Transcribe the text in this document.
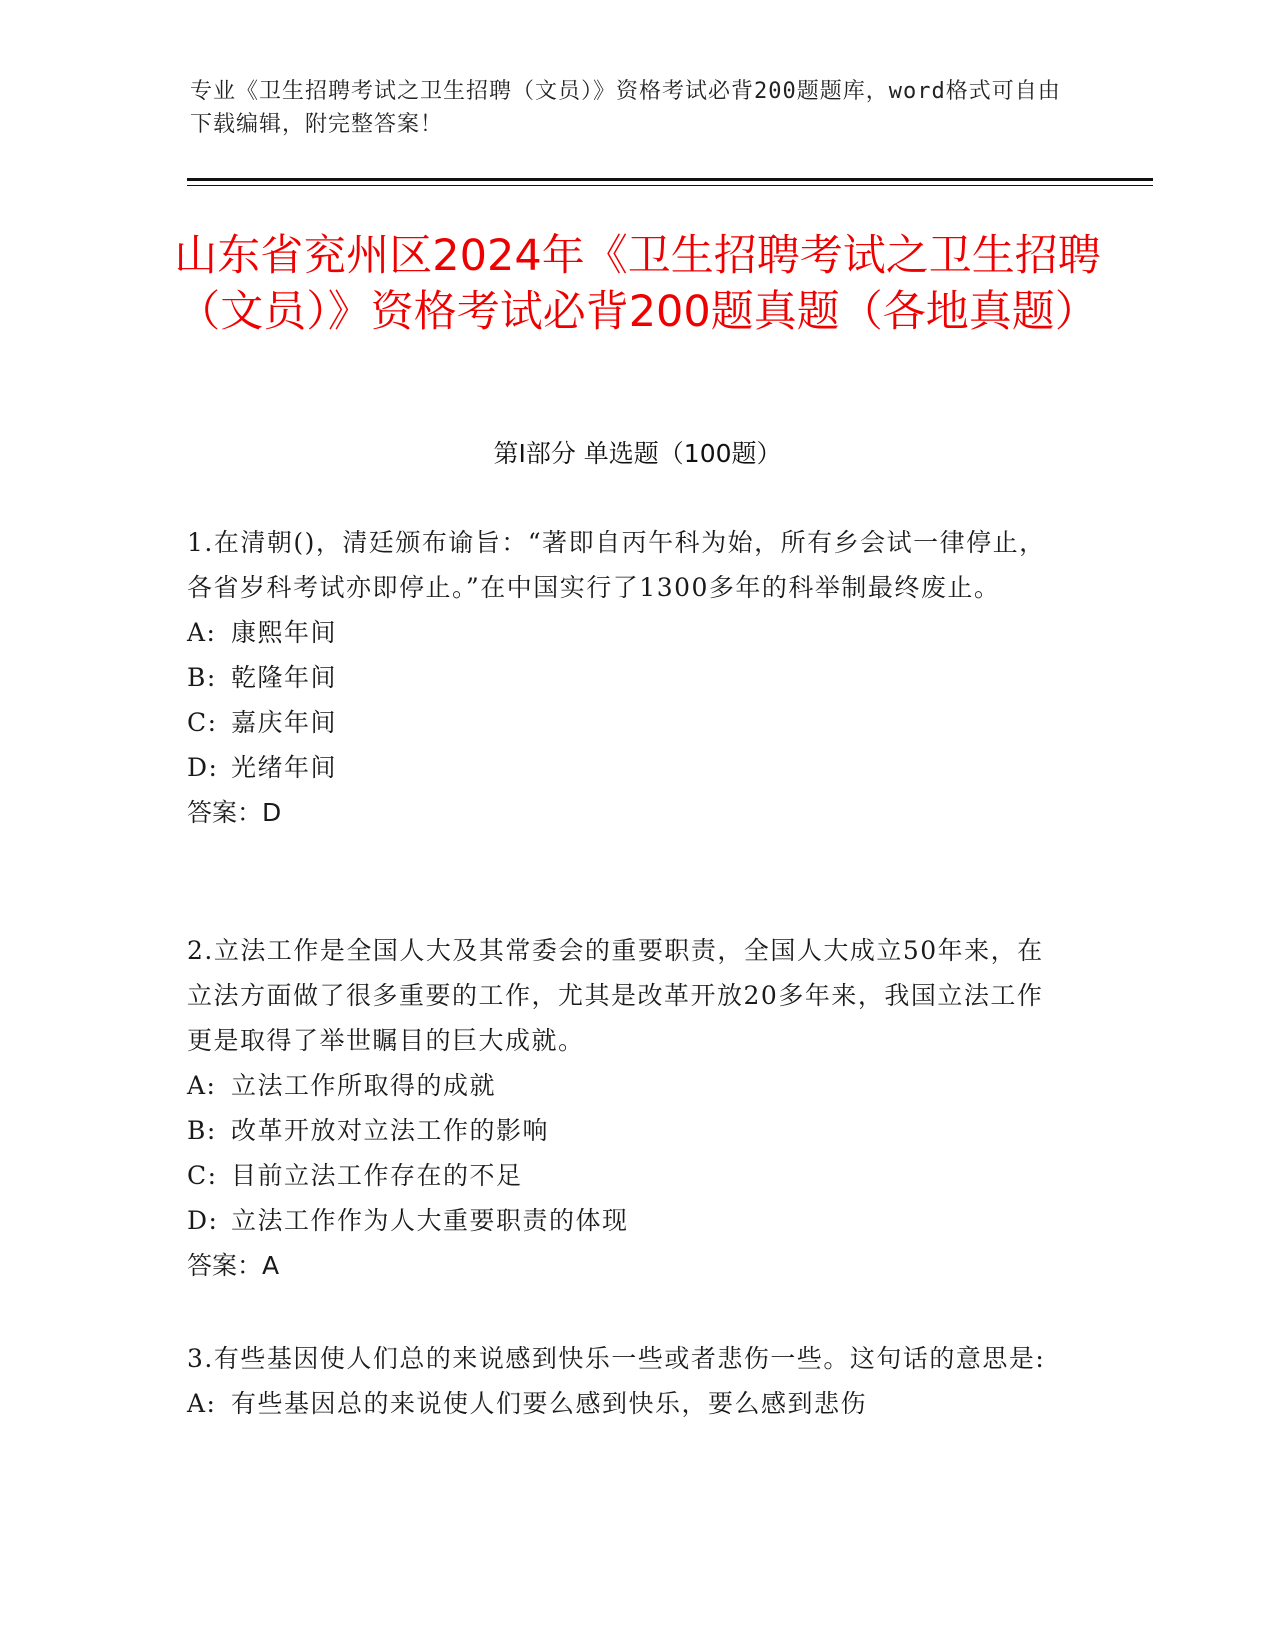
专业《卫生招聘考试之卫生招聘（文员）》资格考试必背200题题库，word格式可自由下载编辑，附完整答案！
山东省兖州区2024年《卫生招聘考试之卫生招聘（文员）》资格考试必背200题真题（各地真题）
第Ⅰ部分 单选题（100题）

1.在清朝()，清廷颁布谕旨：“著即自丙午科为始，所有乡会试一律停止，各省岁科考试亦即停止。”在中国实行了1300多年的科举制最终废止。

A: 康熙年间

B: 乾隆年间

C: 嘉庆年间

D: 光绪年间

答案：D

2.立法工作是全国人大及其常委会的重要职责，全国人大成立50年来，在立法方面做了很多重要的工作，尤其是改革开放20多年来，我国立法工作更是取得了举世瞩目的巨大成就。

A: 立法工作所取得的成就

B: 改革开放对立法工作的影响

C: 目前立法工作存在的不足

D: 立法工作作为人大重要职责的体现

答案：A

3.有些基因使人们总的来说感到快乐一些或者悲伤一些。这句话的意思是:

A: 有些基因总的来说使人们要么感到快乐，要么感到悲伤
